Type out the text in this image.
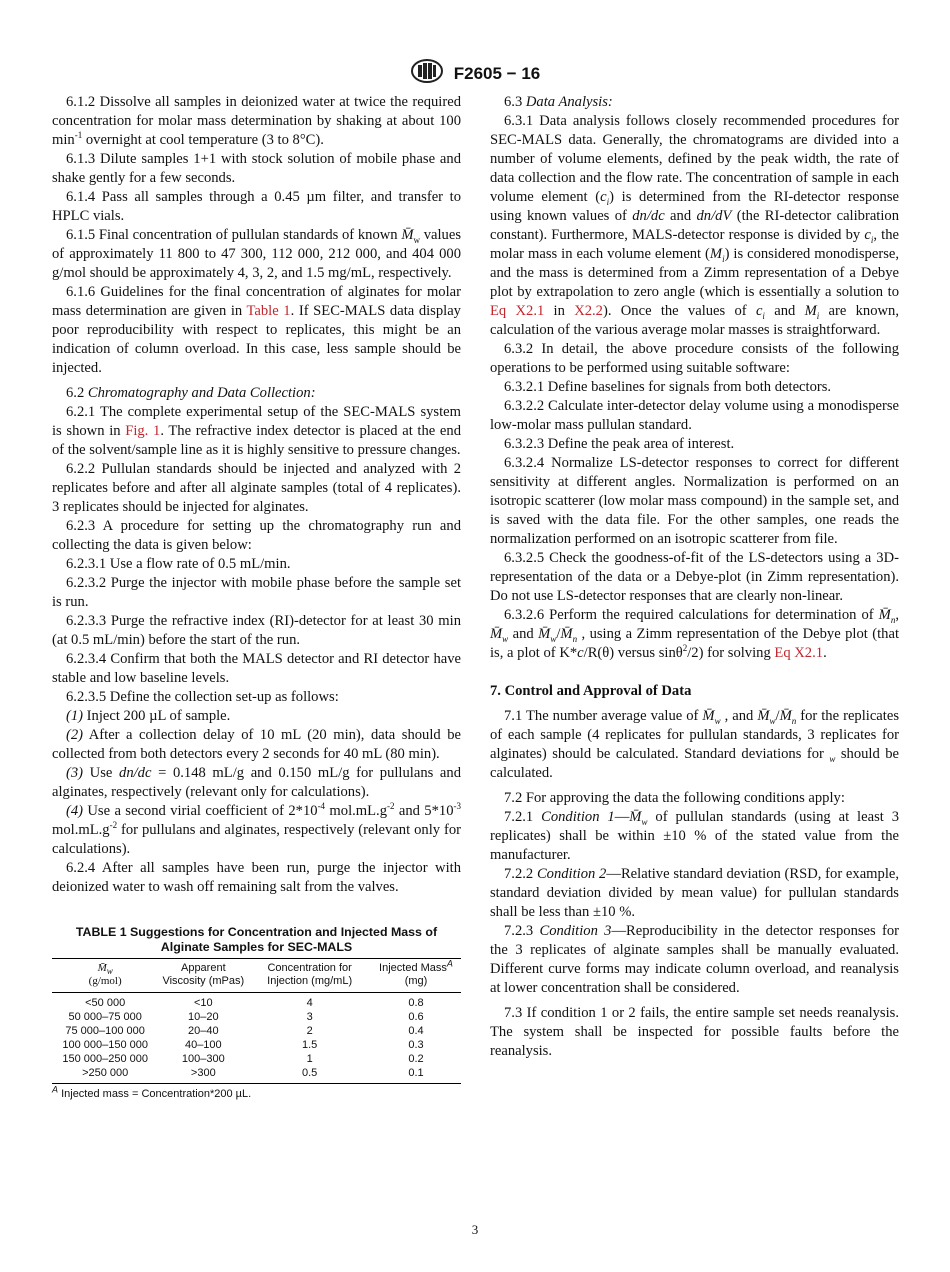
F2605 − 16

6.1.2 Dissolve all samples in deionized water at twice the required concentration for molar mass determination by shaking at about 100 $\min^{-1}$ overnight at cool temperature (3 to 8°C).

6.1.3 Dilute samples 1+1 with stock solution of mobile phase and shake gently for a few seconds.

6.1.4 Pass all samples through a 0.45 µm filter, and transfer to HPLC vials.

6.1.5 Final concentration of pullulan standards of known $M̄_w$ values of approximately 11 800 to 47 300, 112 000, 212 000, and 404 000 g/mol should be approximately 4, 3, 2, and 1.5 mg/mL, respectively.

6.1.6 Guidelines for the final concentration of alginates for molar mass determination are given in Table 1. If SEC-MALS data display poor reproducibility with respect to replicates, this might be an indication of column overload. In this case, less sample should be injected.

6.2 Chromatography and Data Collection:

6.2.1 The complete experimental setup of the SEC-MALS system is shown in Fig. 1. The refractive index detector is placed at the end of the solvent/sample line as it is highly sensitive to pressure changes.

6.2.2 Pullulan standards should be injected and analyzed with 2 replicates before and after all alginate samples (total of 4 replicates). 3 replicates should be injected for alginates.

6.2.3 A procedure for setting up the chromatography run and collecting the data is given below:

6.2.3.1 Use a flow rate of 0.5 mL/min.

6.2.3.2 Purge the injector with mobile phase before the sample set is run.

6.2.3.3 Purge the refractive index (RI)-detector for at least 30 min (at 0.5 mL/min) before the start of the run.

6.2.3.4 Confirm that both the MALS detector and RI detector have stable and low baseline levels.

6.2.3.5 Define the collection set-up as follows:

(1) Inject 200 µL of sample.

(2) After a collection delay of 10 mL (20 min), data should be collected from both detectors every 2 seconds for 40 mL (80 min).

(3) Use dn/dc = 0.148 mL/g and 0.150 mL/g for pullulans and alginates, respectively (relevant only for calculations).

(4) Use a second virial coefficient of $2*10^{-4}$ $mol.mL.g^{-2}$ and $5*10^{-3}$ $mol.mL.g^{-2}$ for pullulans and alginates, respectively (relevant only for calculations).

6.2.4 After all samples have been run, purge the injector with deionized water to wash off remaining salt from the valves.

TABLE 1 Suggestions for Concentration and Injected Mass of Alginate Samples for SEC-MALS
$M̄_w$
(g/mol)	Apparent Viscosity (mPas)	Concentration for Injection (mg/mL)	Injected Mass$^A$
(mg)
<50 000	<10	4	0.8
50 000–75 000	10–20	3	0.6
75 000–100 000	20–40	2	0.4
100 000–150 000	40–100	1.5	0.3
150 000–250 000	100–300	1	0.2
>250 000	>300	0.5	0.1
$^A$ Injected mass = Concentration*200 µL.

6.3 Data Analysis:

6.3.1 Data analysis follows closely recommended procedures for SEC-MALS data. Generally, the chromatograms are divided into a number of volume elements, defined by the peak width, the rate of data collection and the flow rate. The concentration of sample in each volume element $(c_i)$ is determined from the RI-detector response using known values of dn/dc and dn/dV (the RI-detector calibration constant). Furthermore, MALS-detector response is divided by $c_i$, the molar mass in each volume element $(M_i)$ is considered monodisperse, and the mass is determined from a Zimm representation of a Debye plot by extrapolation to zero angle (which is essentially a solution to Eq X2.1 in X2.2). Once the values of $c_i$ and $M_i$ are known, calculation of the various average molar masses is straightforward.

6.3.2 In detail, the above procedure consists of the following operations to be performed using suitable software:

6.3.2.1 Define baselines for signals from both detectors.

6.3.2.2 Calculate inter-detector delay volume using a monodisperse low-molar mass pullulan standard.

6.3.2.3 Define the peak area of interest.

6.3.2.4 Normalize LS-detector responses to correct for different sensitivity at different angles. Normalization is performed on an isotropic scatterer (low molar mass compound) in the sample set, and is saved with the data file. For the other samples, one reads the normalization performed on an isotropic scatterer from file.

6.3.2.5 Check the goodness-of-fit of the LS-detectors using a 3D-representation of the data or a Debye-plot (in Zimm representation). Do not use LS-detector responses that are clearly non-linear.

6.3.2.6 Perform the required calculations for determination of $M̄_n$, $M̄_w$ and $M̄_w/M̄_n$ , using a Zimm representation of the Debye plot (that is, a plot of K*c/R(θ) versus sinθ$^2$/2) for solving Eq X2.1.

7. Control and Approval of Data

7.1 The number average value of $M̄_w$ , and $M̄_w/M̄_n$ for the replicates of each sample (4 replicates for pullulan standards, 3 replicates for alginates) should be calculated. Standard deviations for $_w$ should be calculated.

7.2 For approving the data the following conditions apply:

7.2.1 Condition $1—M̄_w$ of pullulan standards (using at least 3 replicates) shall be within ±10 % of the stated value from the manufacturer.

7.2.2 Condition 2—Relative standard deviation (RSD, for example, standard deviation divided by mean value) for pullulan standards shall be less than ±10 %.

7.2.3 Condition 3—Reproducibility in the detector responses for the 3 replicates of alginate samples shall be manually evaluated. Different curve forms may indicate column overload, and reanalysis at lower concentration shall be considered.

7.3 If condition 1 or 2 fails, the entire sample set needs reanalysis. The system shall be inspected for possible faults before the reanalysis.

3
